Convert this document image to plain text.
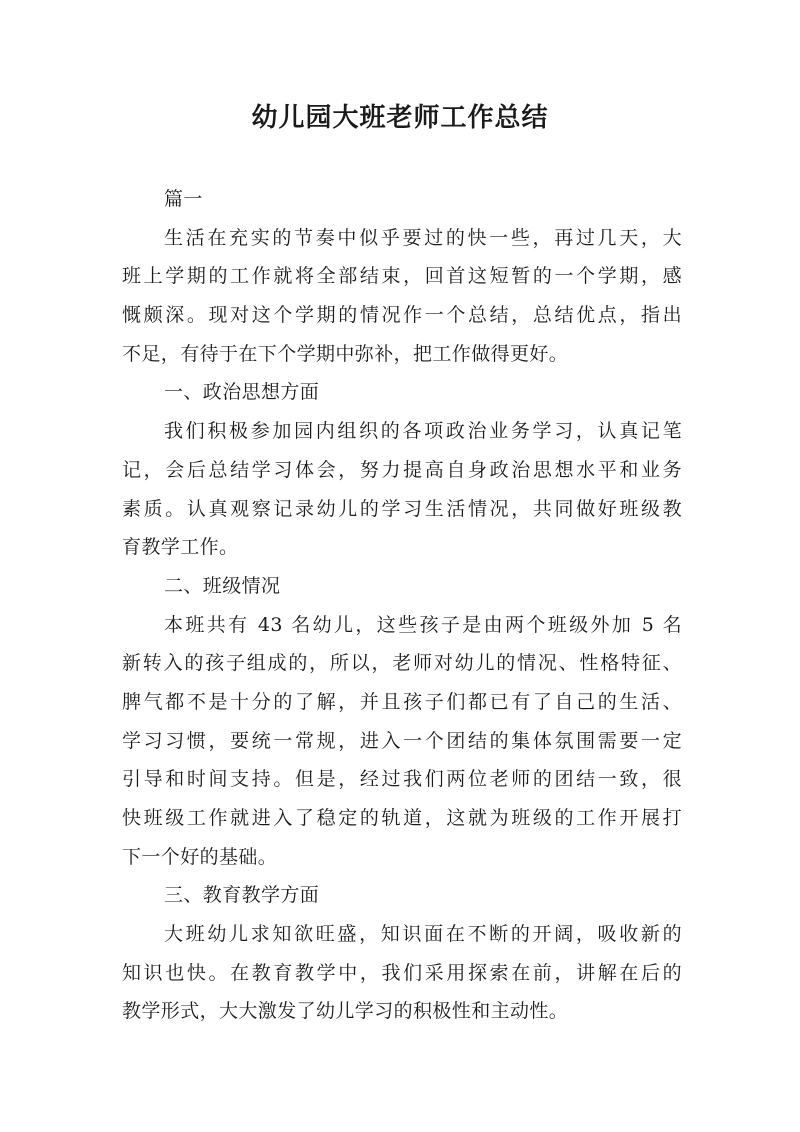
幼儿园大班老师工作总结
篇一
生活在充实的节奏中似乎要过的快一些，再过几天，大
班上学期的工作就将全部结束，回首这短暂的一个学期，感
慨颇深。现对这个学期的情况作一个总结，总结优点，指出
不足，有待于在下个学期中弥补，把工作做得更好。
一、政治思想方面
我们积极参加园内组织的各项政治业务学习，认真记笔
记，会后总结学习体会，努力提高自身政治思想水平和业务
素质。认真观察记录幼儿的学习生活情况，共同做好班级教
育教学工作。
二、班级情况
本班共有 43 名幼儿，这些孩子是由两个班级外加 5 名
新转入的孩子组成的，所以，老师对幼儿的情况、性格特征、
脾气都不是十分的了解，并且孩子们都已有了自己的生活、
学习习惯，要统一常规，进入一个团结的集体氛围需要一定
引导和时间支持。但是，经过我们两位老师的团结一致，很
快班级工作就进入了稳定的轨道，这就为班级的工作开展打
下一个好的基础。
三、教育教学方面
大班幼儿求知欲旺盛，知识面在不断的开阔，吸收新的
知识也快。在教育教学中，我们采用探索在前，讲解在后的
教学形式，大大激发了幼儿学习的积极性和主动性。
